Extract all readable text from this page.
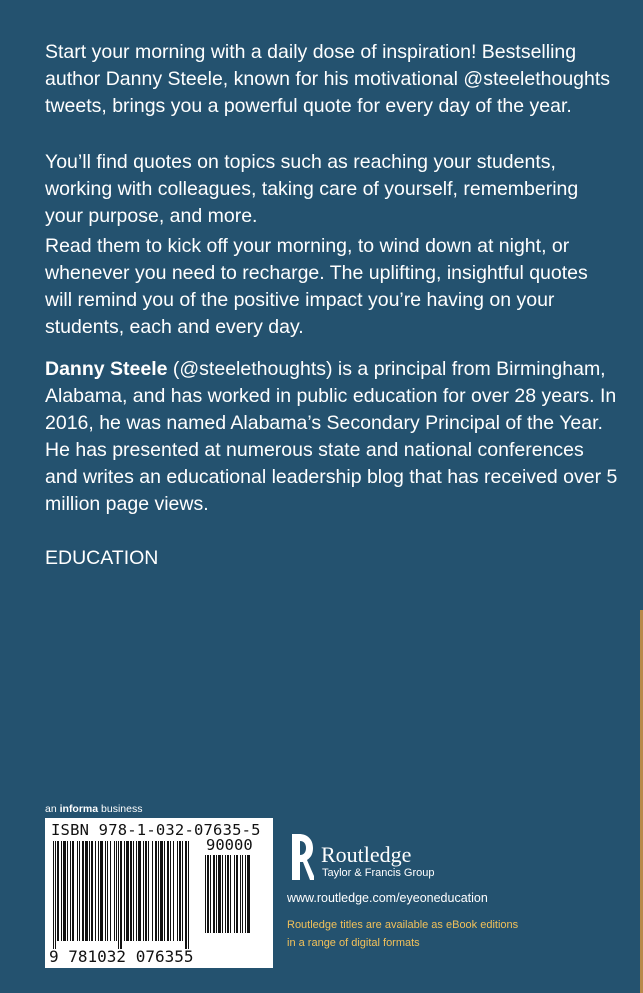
Start your morning with a daily dose of inspiration! Bestselling author Danny Steele, known for his motivational @steelethoughts tweets, brings you a powerful quote for every day of the year.

You’ll find quotes on topics such as reaching your students, working with colleagues, taking care of yourself, remembering your purpose, and more.

Read them to kick off your morning, to wind down at night, or whenever you need to recharge. The uplifting, insightful quotes will remind you of the positive impact you’re having on your students, each and every day.

Danny Steele (@steelethoughts) is a principal from Birmingham, Alabama, and has worked in public education for over 28 years. In 2016, he was named Alabama’s Secondary Principal of the Year. He has presented at numerous state and national conferences and writes an educational leadership blog that has received over 5 million page views.

EDUCATION
an informa business
ISBN 978-1-032-07635-5
90000
9 781032 076355
Routledge
Taylor & Francis Group
www.routledge.com/eyeoneducation
Routledge titles are available as eBook editions
in a range of digital formats
